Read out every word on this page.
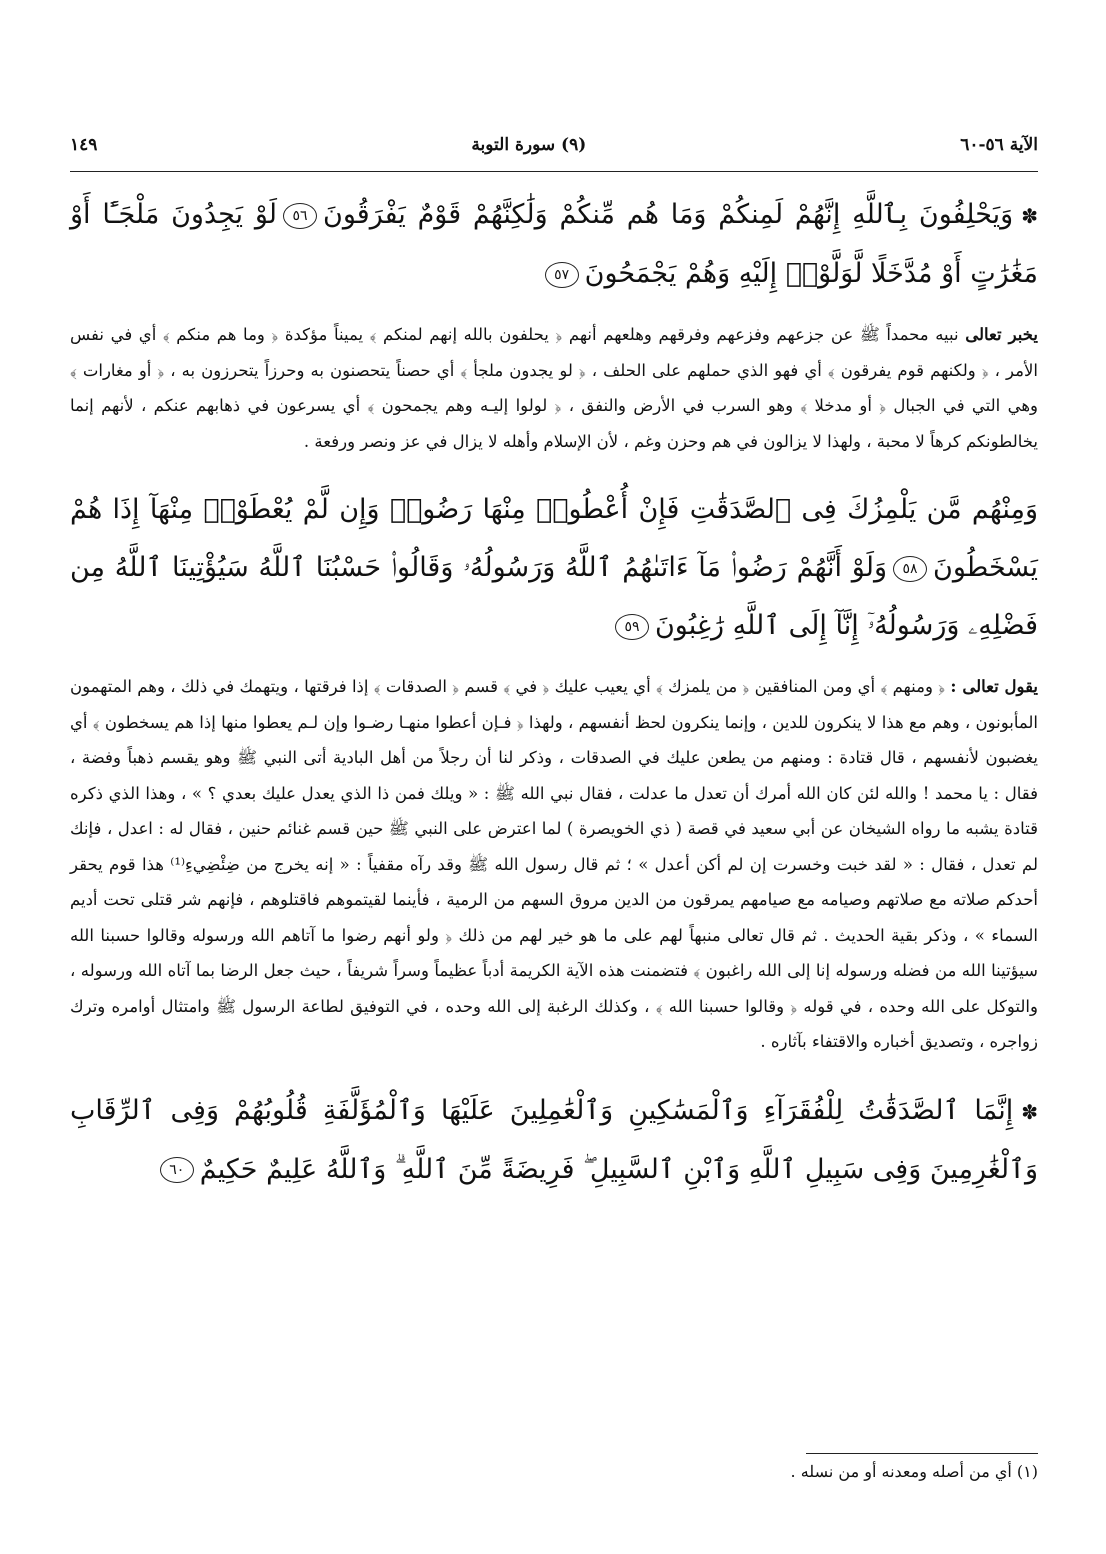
الآية ٥٦-٦٠
(٩) سورة التوبة
١٤٩
✽وَيَحْلِفُونَ بِٱللَّهِ إِنَّهُمْ لَمِنكُمْ وَمَا هُم مِّنكُمْ وَلَٰكِنَّهُمْ قَوْمٌ يَفْرَقُونَ٥٦لَوْ يَجِدُونَ مَلْجَـًٔا أَوْ مَغَٰرَٰتٍ أَوْ مُدَّخَلًا لَّوَلَّوْا۟ إِلَيْهِ وَهُمْ يَجْمَحُونَ٥٧

يخبر تعالى نبيه محمداً ﷺ عن جزعهم وفزعهم وفرقهم وهلعهم أنهم ﴿ يحلفون بالله إنهم لمنكم ﴾ يميناً مؤكدة ﴿ وما هم منكم ﴾ أي في نفس الأمر ، ﴿ ولكنهم قوم يفرقون ﴾ أي فهو الذي حملهم على الحلف ، ﴿ لو يجدون ملجأ ﴾ أي حصناً يتحصنون به وحرزاً يتحرزون به ، ﴿ أو مغارات ﴾ وهي التي في الجبال ﴿ أو مدخلا ﴾ وهو السرب في الأرض والنفق ، ﴿ لولوا إليـه وهم يجمحون ﴾ أي يسرعون في ذهابهم عنكم ، لأنهم إنما يخالطونكم كرهاً لا محبة ، ولهذا لا يزالون في هم وحزن وغم ، لأن الإسلام وأهله لا يزال في عز ونصر ورفعة .

وَمِنْهُم مَّن يَلْمِزُكَ فِى ٱلصَّدَقَٰتِ فَإِنْ أُعْطُوا۟ مِنْهَا رَضُوا۟ وَإِن لَّمْ يُعْطَوْا۟ مِنْهَآ إِذَا هُمْ يَسْخَطُونَ٥٨وَلَوْ أَنَّهُمْ رَضُوا۟ مَآ ءَاتَىٰهُمُ ٱللَّهُ وَرَسُولُهُۥ وَقَالُوا۟ حَسْبُنَا ٱللَّهُ سَيُؤْتِينَا ٱللَّهُ مِن فَضْلِهِۦ وَرَسُولُهُۥٓ إِنَّآ إِلَى ٱللَّهِ رَٰغِبُونَ٥٩

يقول تعالى : ﴿ ومنهم ﴾ أي ومن المنافقين ﴿ من يلمزك ﴾ أي يعيب عليك ﴿ في ﴾ قسم ﴿ الصدقات ﴾ إذا فرقتها ، ويتهمك في ذلك ، وهم المتهمون المأبونون ، وهم مع هذا لا ينكرون للدين ، وإنما ينكرون لحظ أنفسهم ، ولهذا ﴿ فـإن أعطوا منهـا رضـوا وإن لـم يعطوا منها إذا هم يسخطون ﴾ أي يغضبون لأنفسهم ، قال قتادة : ومنهم من يطعن عليك في الصدقات ، وذكر لنا أن رجلاً من أهل البادية أتى النبي ﷺ وهو يقسم ذهباً وفضة ، فقال : يا محمد ! والله لئن كان الله أمرك أن تعدل ما عدلت ، فقال نبي الله ﷺ : « ويلك فمن ذا الذي يعدل عليك بعدي ؟ » ، وهذا الذي ذكره قتادة يشبه ما رواه الشيخان عن أبي سعيد في قصة ( ذي الخويصرة ) لما اعترض على النبي ﷺ حين قسم غنائم حنين ، فقال له : اعدل ، فإنك لم تعدل ، فقال : « لقد خبت وخسرت إن لم أكن أعدل » ؛ ثم قال رسول الله ﷺ وقد رآه مقفياً : « إنه يخرج من ضِئْضِيءِ⁽¹⁾ هذا قوم يحقر أحدكم صلاته مع صلاتهم وصيامه مع صيامهم يمرقون من الدين مروق السهم من الرمية ، فأينما لقيتموهم فاقتلوهم ، فإنهم شر قتلى تحت أديم السماء » ، وذكر بقية الحديث . ثم قال تعالى منبهاً لهم على ما هو خير لهم من ذلك ﴿ ولو أنهم رضوا ما آتاهم الله ورسوله وقالوا حسبنا الله سيؤتينا الله من فضله ورسوله إنا إلى الله راغبون ﴾ فتضمنت هذه الآية الكريمة أدباً عظيماً وسراً شريفاً ، حيث جعل الرضا بما آتاه الله ورسوله ، والتوكل على الله وحده ، في قوله ﴿ وقالوا حسبنا الله ﴾ ، وكذلك الرغبة إلى الله وحده ، في التوفيق لطاعة الرسول ﷺ وامتثال أوامره وترك زواجره ، وتصديق أخباره والاقتفاء بآثاره .

✽إِنَّمَا ٱلصَّدَقَٰتُ لِلْفُقَرَآءِ وَٱلْمَسَٰكِينِ وَٱلْعَٰمِلِينَ عَلَيْهَا وَٱلْمُؤَلَّفَةِ قُلُوبُهُمْ وَفِى ٱلرِّقَابِ وَٱلْغَٰرِمِينَ وَفِى سَبِيلِ ٱللَّهِ وَٱبْنِ ٱلسَّبِيلِ ۖ فَرِيضَةً مِّنَ ٱللَّهِ ۗ وَٱللَّهُ عَلِيمٌ حَكِيمٌ٦٠
(١) أي من أصله ومعدنه أو من نسله .
